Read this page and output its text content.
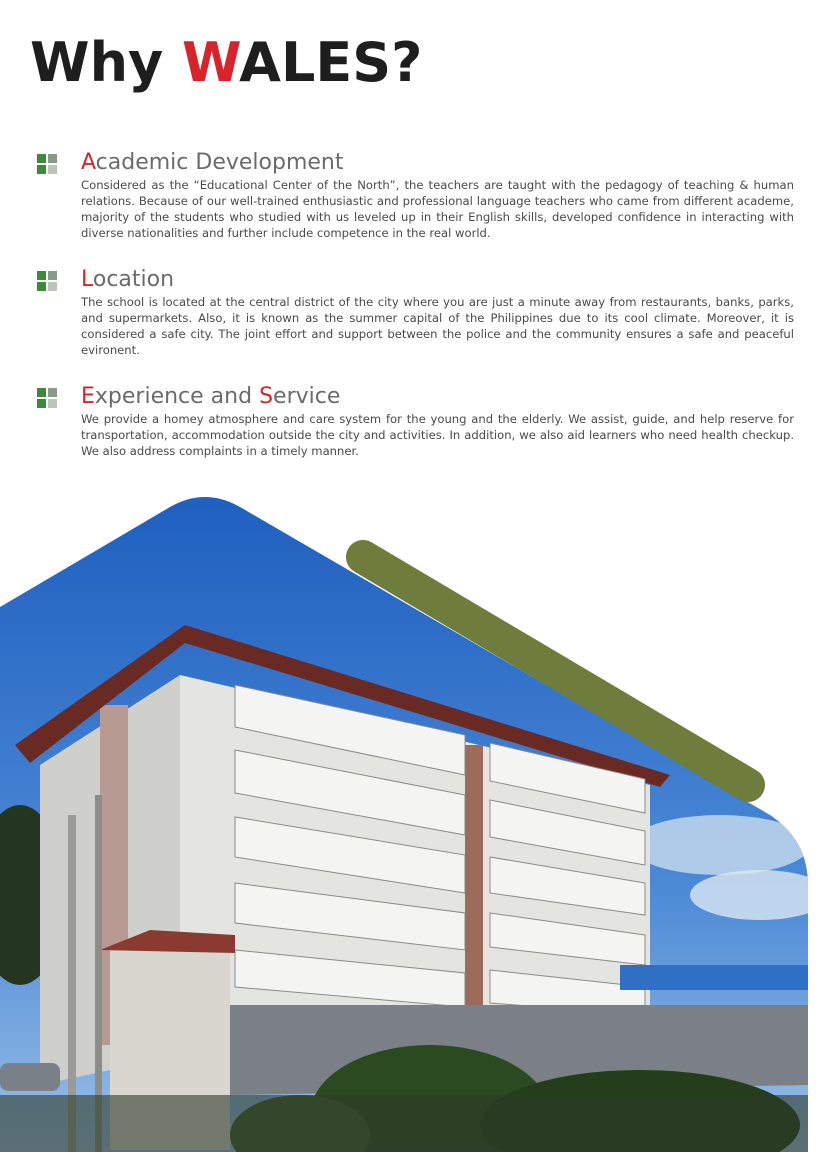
Why WALES?
Academic Development

Considered as the “Educational Center of the North”, the teachers are taught with the pedagogy of teaching & human relations. Because of our well-trained enthusiastic and professional language teachers who came from different academe, majority of the students who studied with us leveled up in their English skills, developed confidence in interacting with diverse nationalities and further include competence in the real world.

Location

The school is located at the central district of the city where you are just a minute away from restaurants, banks, parks, and supermarkets. Also, it is known as the summer capital of the Philippines due to its cool climate. Moreover, it is considered a safe city. The joint effort and support between the police and the community ensures a safe and peaceful evironent.

Experience and Service

We provide a homey atmosphere and care system for the young and the elderly. We assist, guide, and help reserve for transportation, accommodation outside the city and activities. In addition, we also aid learners who need health checkup. We also address complaints in a timely manner.
